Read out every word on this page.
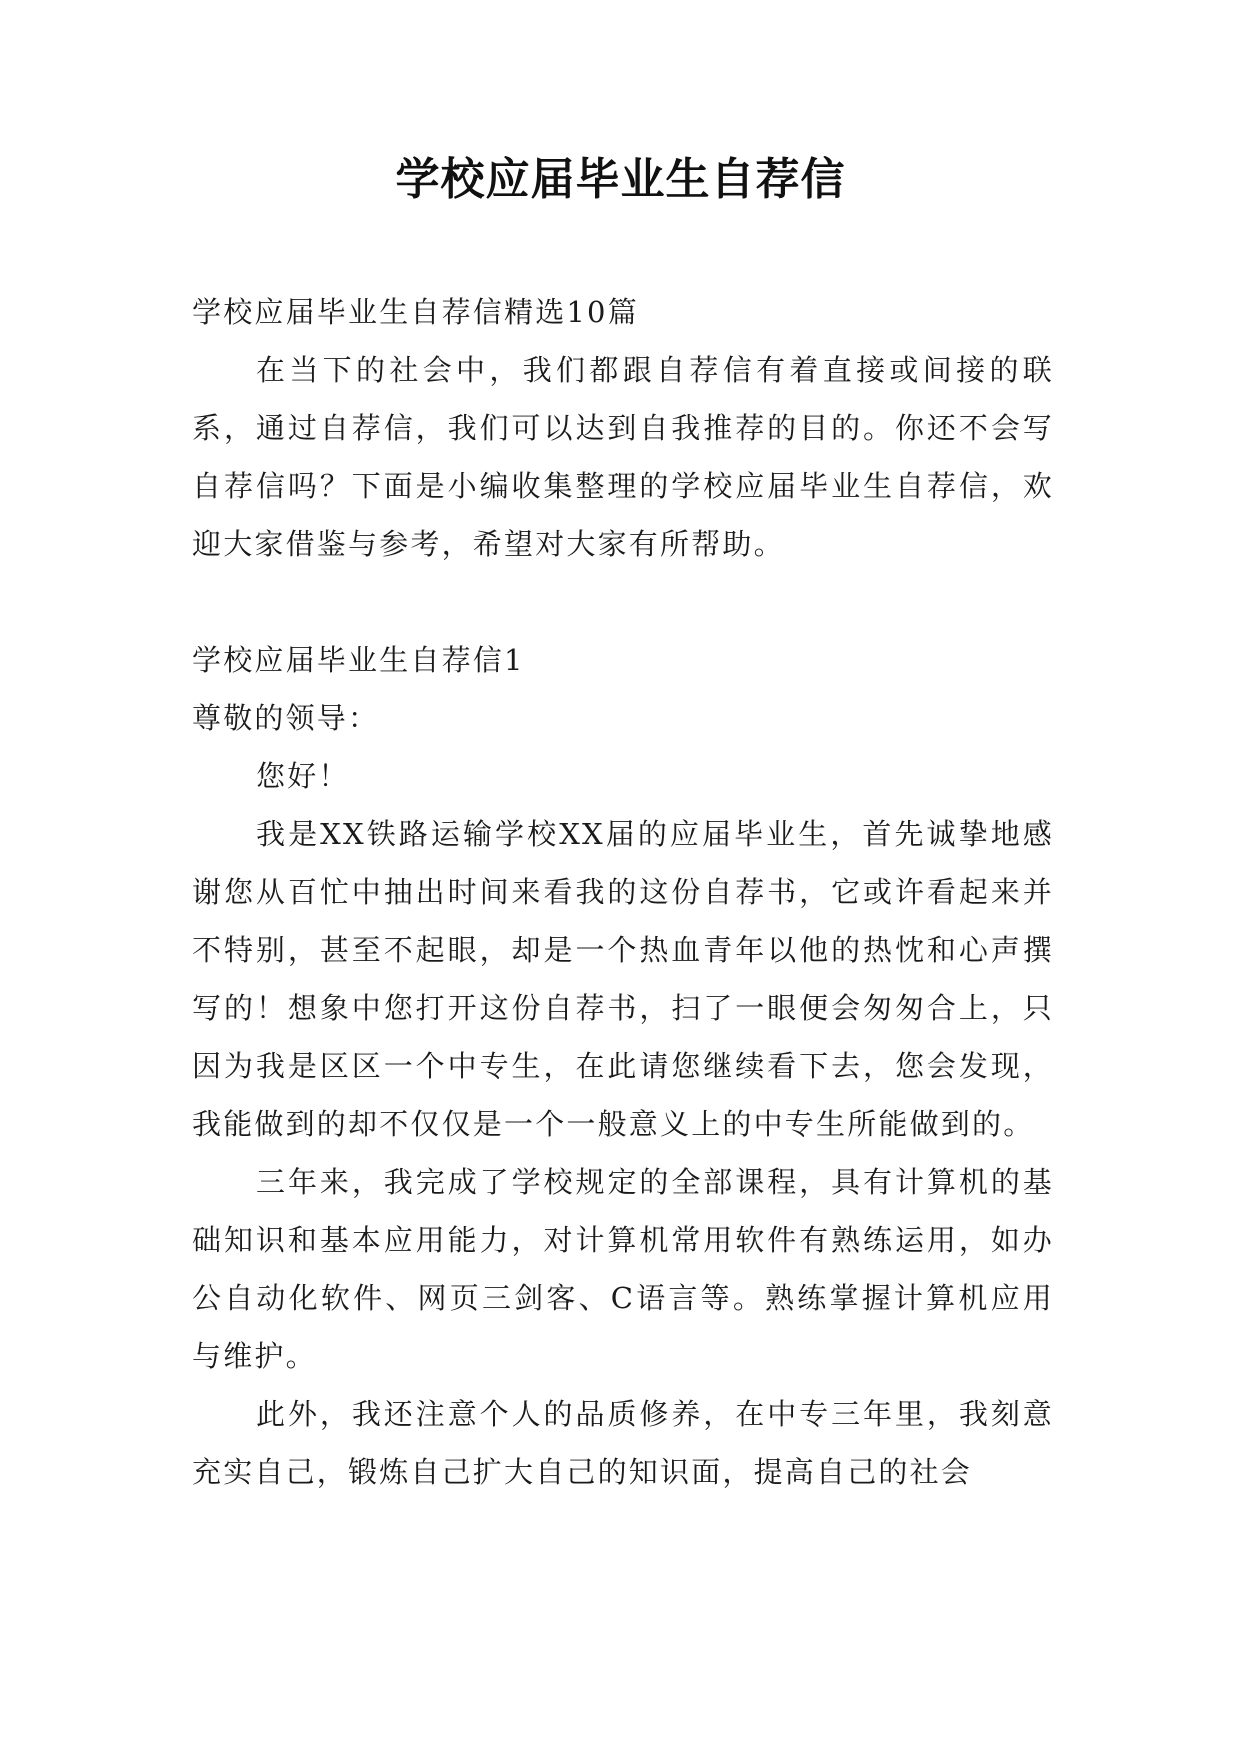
学校应届毕业生自荐信

学校应届毕业生自荐信精选10篇

在当下的社会中，我们都跟自荐信有着直接或间接的联系，通过自荐信，我们可以达到自我推荐的目的。你还不会写自荐信吗？下面是小编收集整理的学校应届毕业生自荐信，欢迎大家借鉴与参考，希望对大家有所帮助。

学校应届毕业生自荐信1

尊敬的领导：

您好！

我是XX铁路运输学校XX届的应届毕业生，首先诚挚地感谢您从百忙中抽出时间来看我的这份自荐书，它或许看起来并不特别，甚至不起眼，却是一个热血青年以他的热忱和心声撰写的！想象中您打开这份自荐书，扫了一眼便会匆匆合上，只因为我是区区一个中专生，在此请您继续看下去，您会发现，我能做到的却不仅仅是一个一般意义上的中专生所能做到的。

三年来，我完成了学校规定的全部课程，具有计算机的基础知识和基本应用能力，对计算机常用软件有熟练运用，如办公自动化软件、网页三剑客、C语言等。熟练掌握计算机应用与维护。

此外，我还注意个人的品质修养，在中专三年里，我刻意充实自己，锻炼自己扩大自己的知识面，提高自己的社会
